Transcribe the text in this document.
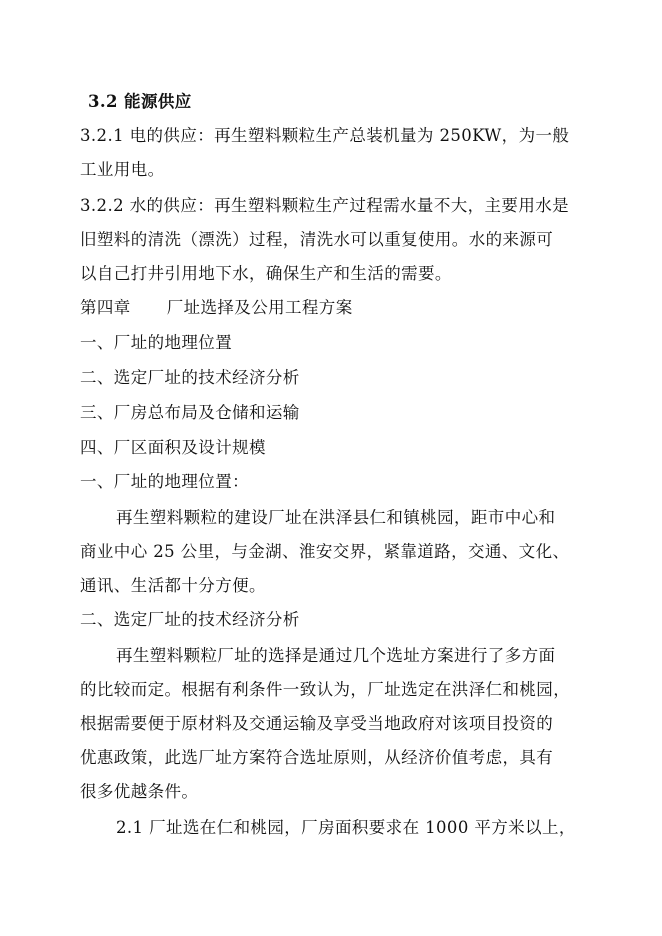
3.2 能源供应
3.2.1 电的供应：再生塑料颗粒生产总装机量为 250KW，为一般
工业用电。
3.2.2 水的供应：再生塑料颗粒生产过程需水量不大，主要用水是
旧塑料的清洗（漂洗）过程，清洗水可以重复使用。水的来源可
以自己打井引用地下水，确保生产和生活的需要。
第四章 厂址选择及公用工程方案
一、厂址的地理位置
二、选定厂址的技术经济分析
三、厂房总布局及仓储和运输
四、厂区面积及设计规模
一、厂址的地理位置：
再生塑料颗粒的建设厂址在洪泽县仁和镇桃园，距市中心和
商业中心 25 公里，与金湖、淮安交界，紧靠道路，交通、文化、
通讯、生活都十分方便。
二、选定厂址的技术经济分析
再生塑料颗粒厂址的选择是通过几个选址方案进行了多方面
的比较而定。根据有利条件一致认为，厂址选定在洪泽仁和桃园，
根据需要便于原材料及交通运输及享受当地政府对该项目投资的
优惠政策，此选厂址方案符合选址原则，从经济价值考虑，具有
很多优越条件。
2.1 厂址选在仁和桃园，厂房面积要求在 1000 平方米以上，
